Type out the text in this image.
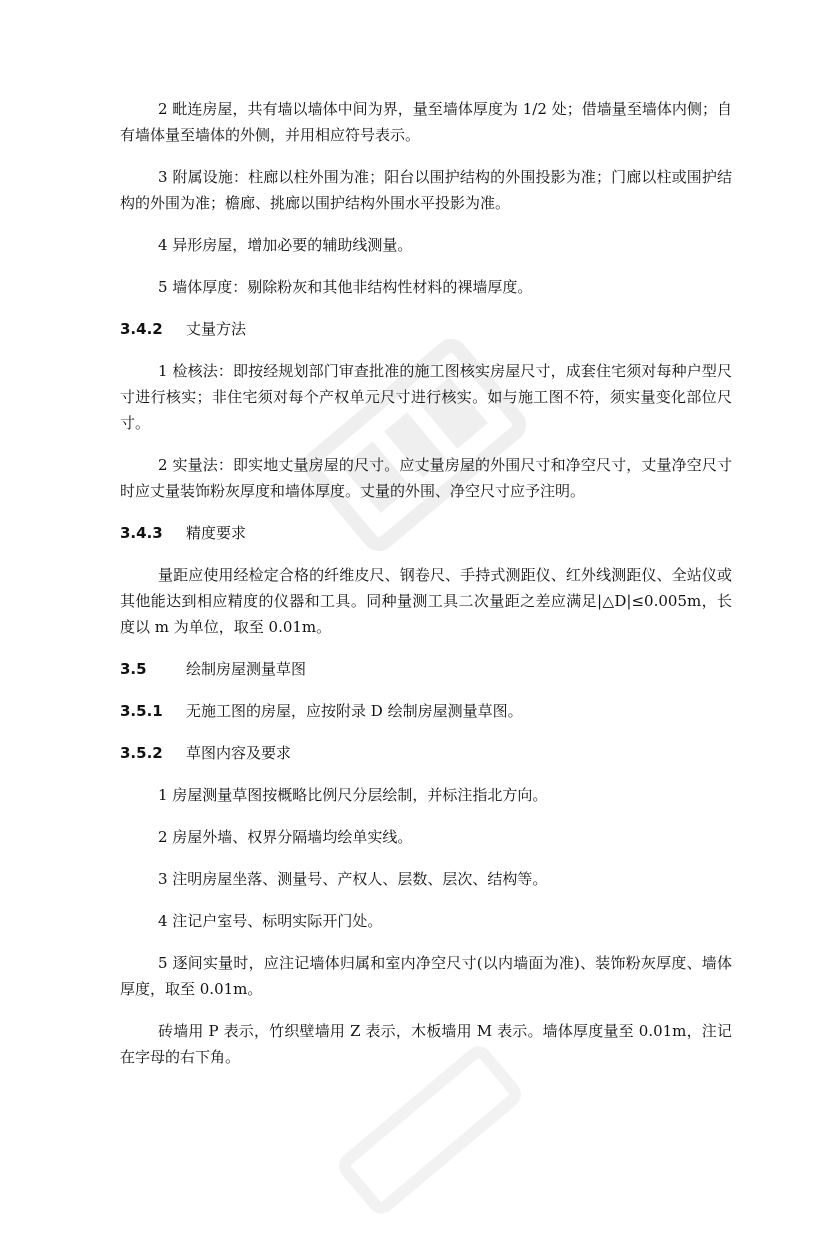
2 毗连房屋，共有墙以墙体中间为界，量至墙体厚度为 1/2 处；借墙量至墙体内侧；自有墙体量至墙体的外侧，并用相应符号表示。

3 附属设施：柱廊以柱外围为准；阳台以围护结构的外围投影为准；门廊以柱或围护结构的外围为准；檐廊、挑廊以围护结构外围水平投影为准。

4 异形房屋，增加必要的辅助线测量。

5 墙体厚度：剔除粉灰和其他非结构性材料的裸墙厚度。

3.4.2	丈量方法

1 检核法：即按经规划部门审查批准的施工图核实房屋尺寸，成套住宅须对每种户型尺寸进行核实；非住宅须对每个产权单元尺寸进行核实。如与施工图不符，须实量变化部位尺寸。

2 实量法：即实地丈量房屋的尺寸。应丈量房屋的外围尺寸和净空尺寸，丈量净空尺寸时应丈量装饰粉灰厚度和墙体厚度。丈量的外围、净空尺寸应予注明。

3.4.3	精度要求

量距应使用经检定合格的纤维皮尺、钢卷尺、手持式测距仪、红外线测距仪、全站仪或其他能达到相应精度的仪器和工具。同种量测工具二次量距之差应满足|△D|≤0.005m，长度以 m 为单位，取至 0.01m。

3.5	绘制房屋测量草图
3.5.1	无施工图的房屋，应按附录 D 绘制房屋测量草图。
3.5.2	草图内容及要求

1 房屋测量草图按概略比例尺分层绘制，并标注指北方向。

2 房屋外墙、权界分隔墙均绘单实线。

3 注明房屋坐落、测量号、产权人、层数、层次、结构等。

4 注记户室号、标明实际开门处。

5 逐间实量时，应注记墙体归属和室内净空尺寸(以内墙面为准)、装饰粉灰厚度、墙体厚度，取至 0.01m。

砖墙用 P 表示，竹织壁墙用 Z 表示，木板墙用 M 表示。墙体厚度量至 0.01m，注记在字母的右下角。
